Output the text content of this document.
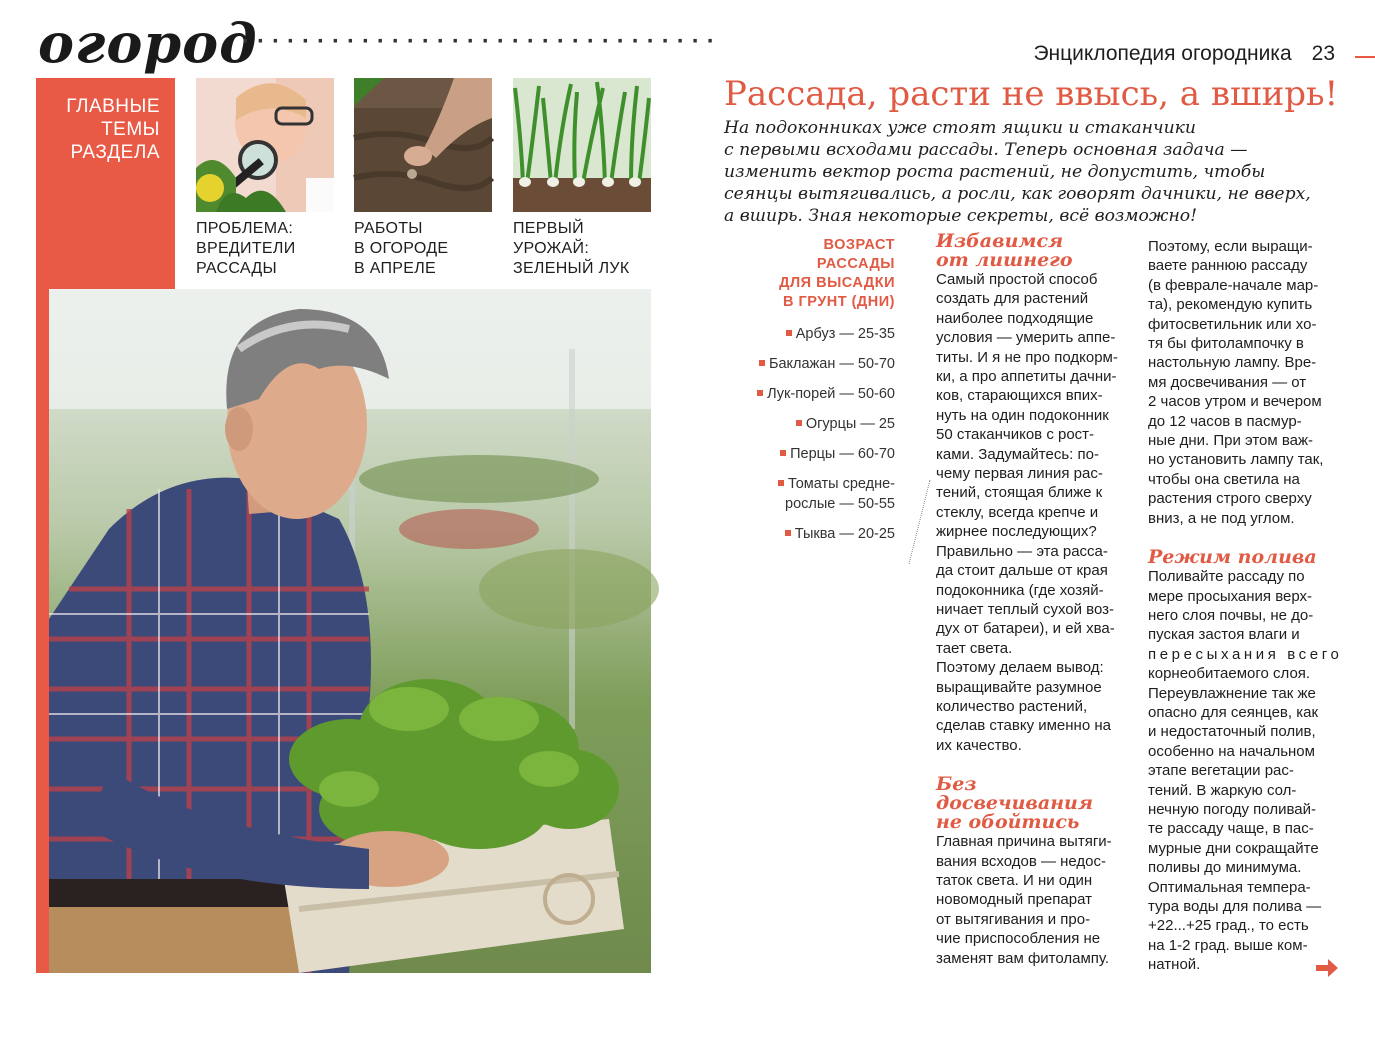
огород
································	Энциклопедия огородника 23
ГЛАВНЫЕ
ТЕМЫ
РАЗДЕЛА
ПРОБЛЕМА:
ВРЕДИТЕЛИ
РАССАДЫ
РАБОТЫ
В ОГОРОДЕ
В АПРЕЛЕ
ПЕРВЫЙ
УРОЖАЙ:
ЗЕЛЕНЫЙ ЛУК
Рассада, расти не ввысь, а вширь!
На подоконниках уже стоят ящики и стаканчики
с первыми всходами рассады. Теперь основная задача —
изменить вектор роста растений, не допустить, чтобы
сеянцы вытягивались, а росли, как говорят дачники, не вверх,
а вширь. Зная некоторые секреты, всё возможно!
ВОЗРАСТ
РАССАДЫ
ДЛЯ ВЫСАДКИ
В ГРУНТ (ДНИ)
Арбуз — 25-35
Баклажан — 50-70
Лук-порей — 50-60
Огурцы — 25
Перцы — 60-70
Томаты средне-
рослые — 50-55
Тыква — 20-25
Избавимся
от лишнего
Самый простой способ
создать для растений
наиболее подходящие
условия — умерить аппе-
титы. И я не про подкорм-
ки, а про аппетиты дачни-
ков, старающихся впих-
нуть на один подоконник
50 стаканчиков с рост-
ками. Задумайтесь: по-
чему первая линия рас-
тений, стоящая ближе к
стеклу, всегда крепче и
жирнее последующих?
Правильно — эта расса-
да стоит дальше от края
подоконника (где хозяй-
ничает теплый сухой воз-
дух от батареи), и ей хва-
тает света.
Поэтому делаем вывод:
выращивайте разумное
количество растений,
сделав ставку именно на
их качество.
Без
досвечивания
не обойтись
Главная причина вытяги-
вания всходов — недос-
таток света. И ни один
новомодный препарат
от вытягивания и про-
чие приспособления не
заменят вам фитолампу.
Поэтому, если выращи-
ваете раннюю рассаду
(в феврале-начале мар-
та), рекомендую купить
фитосветильник или хо-
тя бы фитолампочку в
настольную лампу. Вре-
мя досвечивания — от
2 часов утром и вечером
до 12 часов в пасмур-
ные дни. При этом важ-
но установить лампу так,
чтобы она светила на
растения строго сверху
вниз, а не под углом.
Режим полива
Поливайте рассаду по
мере просыхания верх-
него слоя почвы, не до-
пуская застоя влаги и
пересыхания всего
корнеобитаемого слоя.
Переувлажнение так же
опасно для сеянцев, как
и недостаточный полив,
особенно на начальном
этапе вегетации рас-
тений. В жаркую сол-
нечную погоду поливай-
те рассаду чаще, в пас-
мурные дни сокращайте
поливы до минимума.
Оптимальная темпера-
тура воды для полива —
+22...+25 град., то есть
на 1-2 град. выше ком-
натной.
